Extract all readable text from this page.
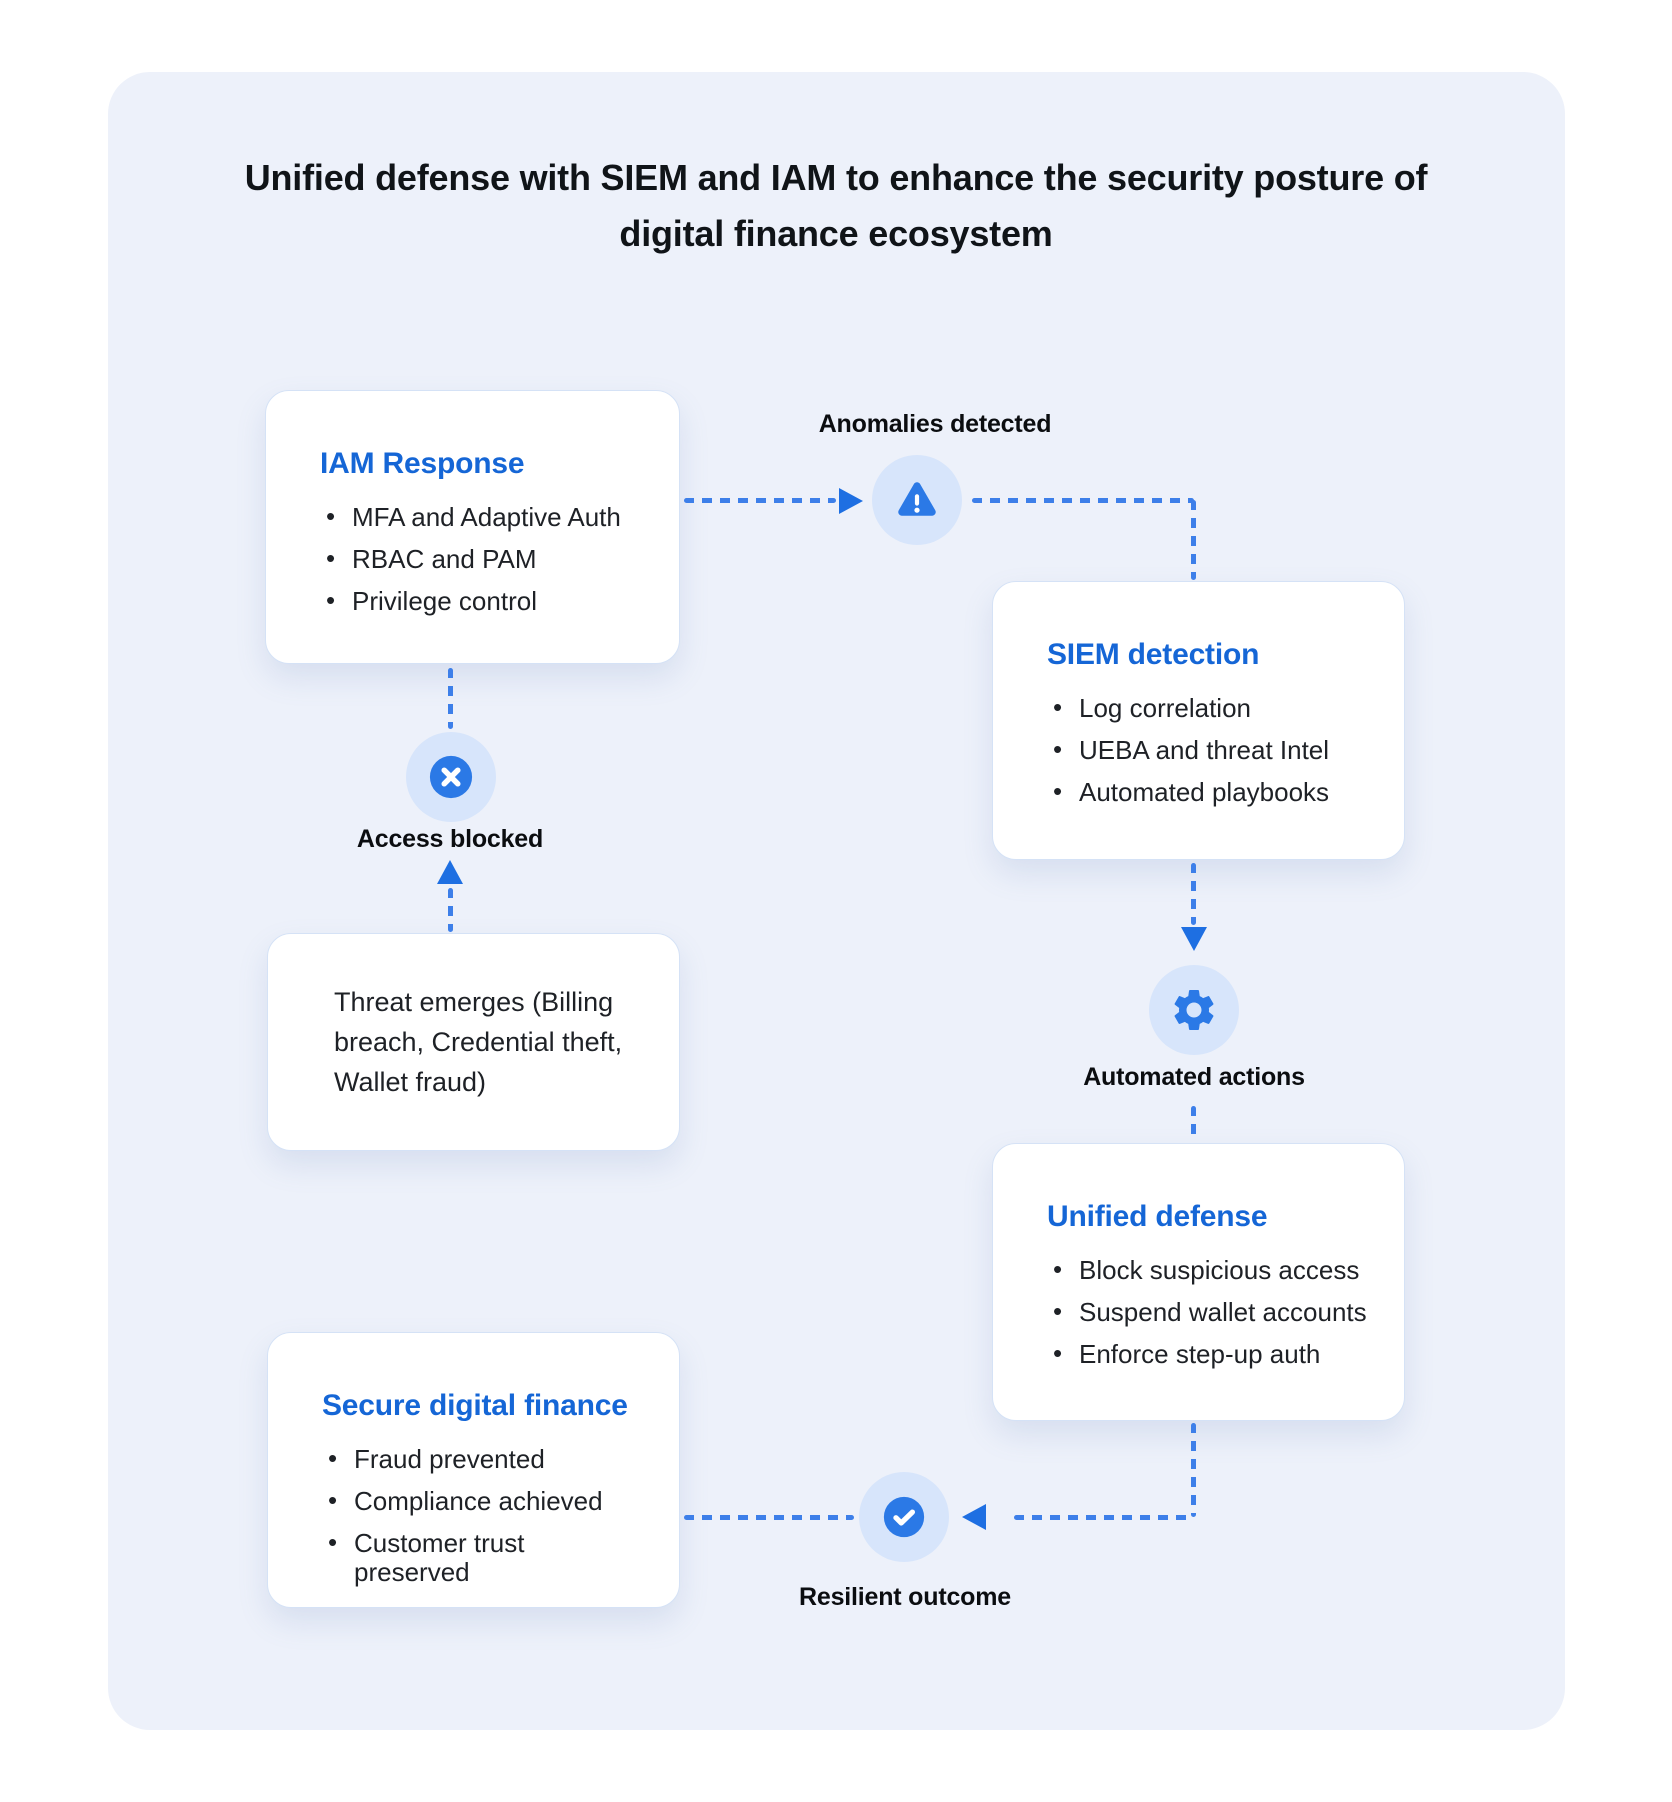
Unified defense with SIEM and IAM to enhance the security posture of digital finance ecosystem
IAM Response
• MFA and Adaptive Auth
• RBAC and PAM
• Privilege control
SIEM detection
• Log correlation
• UEBA and threat Intel
• Automated playbooks

Threat emerges (Billing breach, Credential theft, Wallet fraud)

Unified defense
• Block suspicious access
• Suspend wallet accounts
• Enforce step-up auth
Secure digital finance
• Fraud prevented
• Compliance achieved
• Customer trust preserved
Anomalies detected
Access blocked
Automated actions
Resilient outcome
